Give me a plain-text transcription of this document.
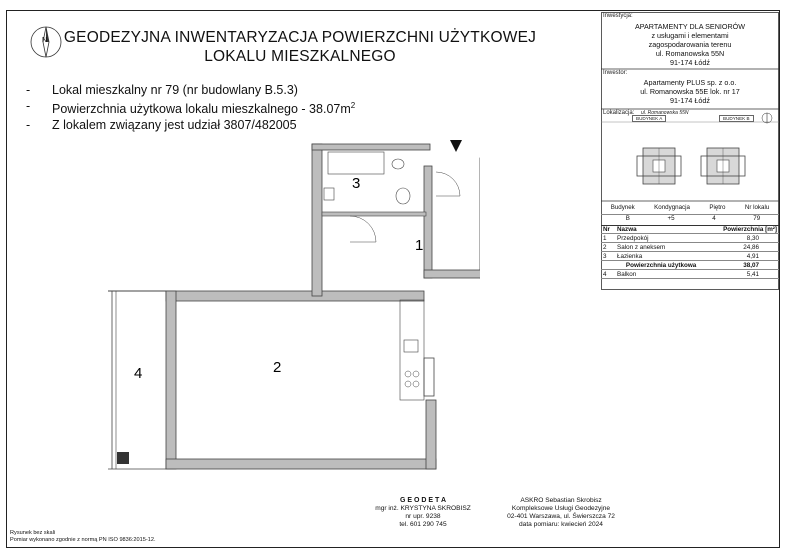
N GEODEZYJNA INWENTARYZACJA POWIERZCHNI UŻYTKOWEJ
LOKALU MIESZKALNEGO
- Lokal mieszkalny nr 79 (nr budowlany B.5.3)
- Powierzchnia użytkowa lokalu mieszkalnego - $38.07m^2$
- Z lokalem związany jest udział 3807/482005
Inwestycja:
APARTAMENTY DLA SENIORÓW
z usługami i elementami
zagospodarowania terenu
ul. Romanowska 55N
91-174 Łódź
Inwestor:
Apartamenty PLUS sp. z o.o.
ul. Romanowska 55E lok. nr 17
91-174 Łódź
Lokalizacja: ul. Romanowska 55N
BUDYNEK A	BUDYNEK B
Budynek	Kondygnacja	Piętro	Nr lokalu
B	+5	4	79
Nr	Nazwa	Powierzchnia [m²]
1	Przedpokój	8,30
2	Salon z aneksem	24,86
3	Łazienka	4,91
	Powierzchnia użytkowa	38,07
4	Balkon	5,41
3
1
2
4
G E O D E T A
mgr inż. KRYSTYNA SKROBISZ
nr upr. 9238
tel. 601 290 745
ASKRO Sebastian Skrobisz
Kompleksowe Usługi Geodezyjne
02-401 Warszawa, ul. Świerszcza 72
data pomiaru: kwiecień 2024
Rysunek bez skali
Pomiar wykonano zgodnie z normą PN ISO 9836:2015-12.
